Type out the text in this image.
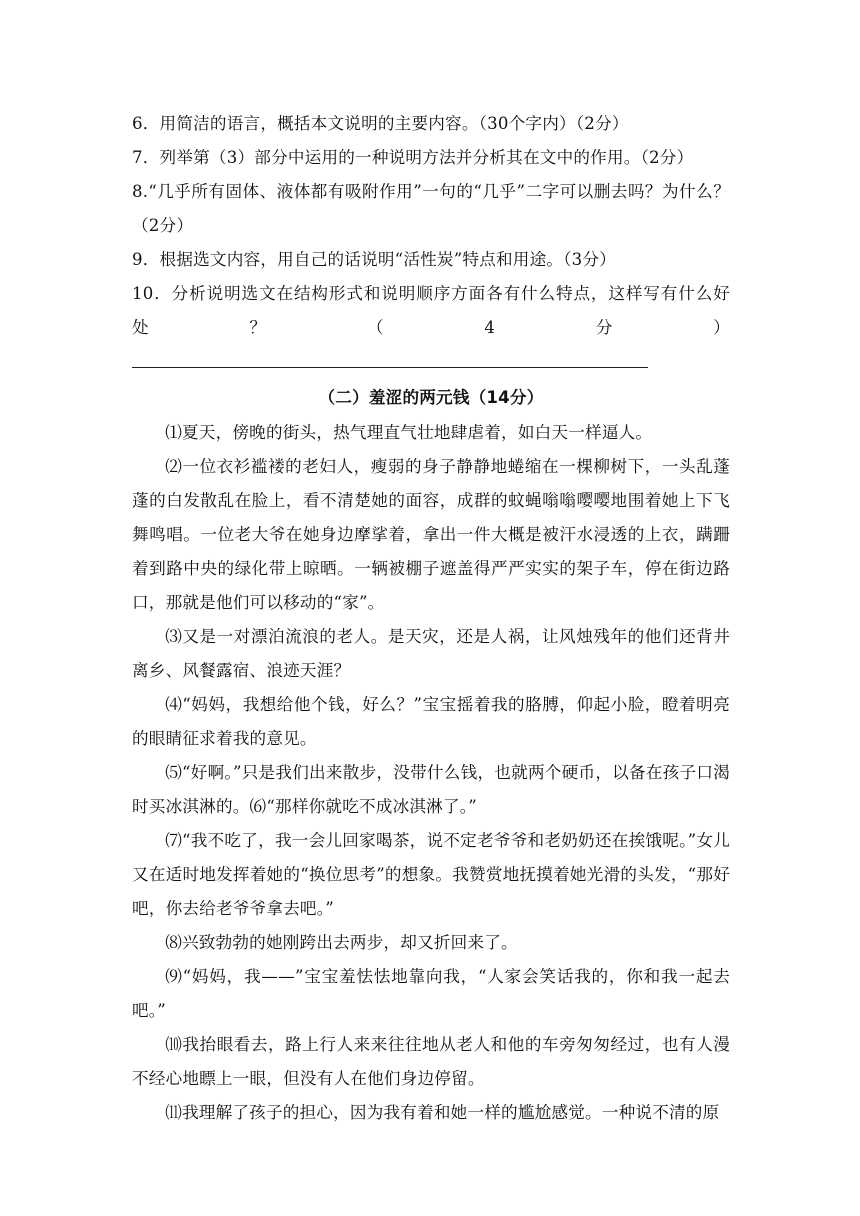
6．用简洁的语言，概括本文说明的主要内容。（30个字内）（2分）

7．列举第（3）部分中运用的一种说明方法并分析其在文中的作用。（2分）

8.“几乎所有固体、液体都有吸附作用”一句的“几乎”二字可以删去吗？为什么？（2分）

9．根据选文内容，用自己的话说明“活性炭”特点和用途。（3分）

10．分析说明选文在结构形式和说明顺序方面各有什么特点，这样写有什么好处？（4分）

（二）羞涩的两元钱（14分）

⑴夏天，傍晚的街头，热气理直气壮地肆虐着，如白天一样逼人。

⑵一位衣衫褴褛的老妇人，瘦弱的身子静静地蜷缩在一棵柳树下，一头乱蓬蓬的白发散乱在脸上，看不清楚她的面容，成群的蚊蝇嗡嗡嘤嘤地围着她上下飞舞鸣唱。一位老大爷在她身边摩挲着，拿出一件大概是被汗水浸透的上衣，蹒跚着到路中央的绿化带上晾晒。一辆被棚子遮盖得严严实实的架子车，停在街边路口，那就是他们可以移动的“家”。

⑶又是一对漂泊流浪的老人。是天灾，还是人祸，让风烛残年的他们还背井离乡、风餐露宿、浪迹天涯？

⑷“妈妈，我想给他个钱，好么？”宝宝摇着我的胳膊，仰起小脸，瞪着明亮的眼睛征求着我的意见。

⑸“好啊。”只是我们出来散步，没带什么钱，也就两个硬币，以备在孩子口渴时买冰淇淋的。⑹“那样你就吃不成冰淇淋了。”

⑺“我不吃了，我一会儿回家喝茶，说不定老爷爷和老奶奶还在挨饿呢。”女儿又在适时地发挥着她的“换位思考”的想象。我赞赏地抚摸着她光滑的头发，“那好吧，你去给老爷爷拿去吧。”

⑻兴致勃勃的她刚跨出去两步，却又折回来了。

⑼“妈妈，我——”宝宝羞怯怯地靠向我，“人家会笑话我的，你和我一起去吧。”

⑽我抬眼看去，路上行人来来往往地从老人和他的车旁匆匆经过，也有人漫不经心地瞟上一眼，但没有人在他们身边停留。

⑾我理解了孩子的担心，因为我有着和她一样的尴尬感觉。一种说不清的原
